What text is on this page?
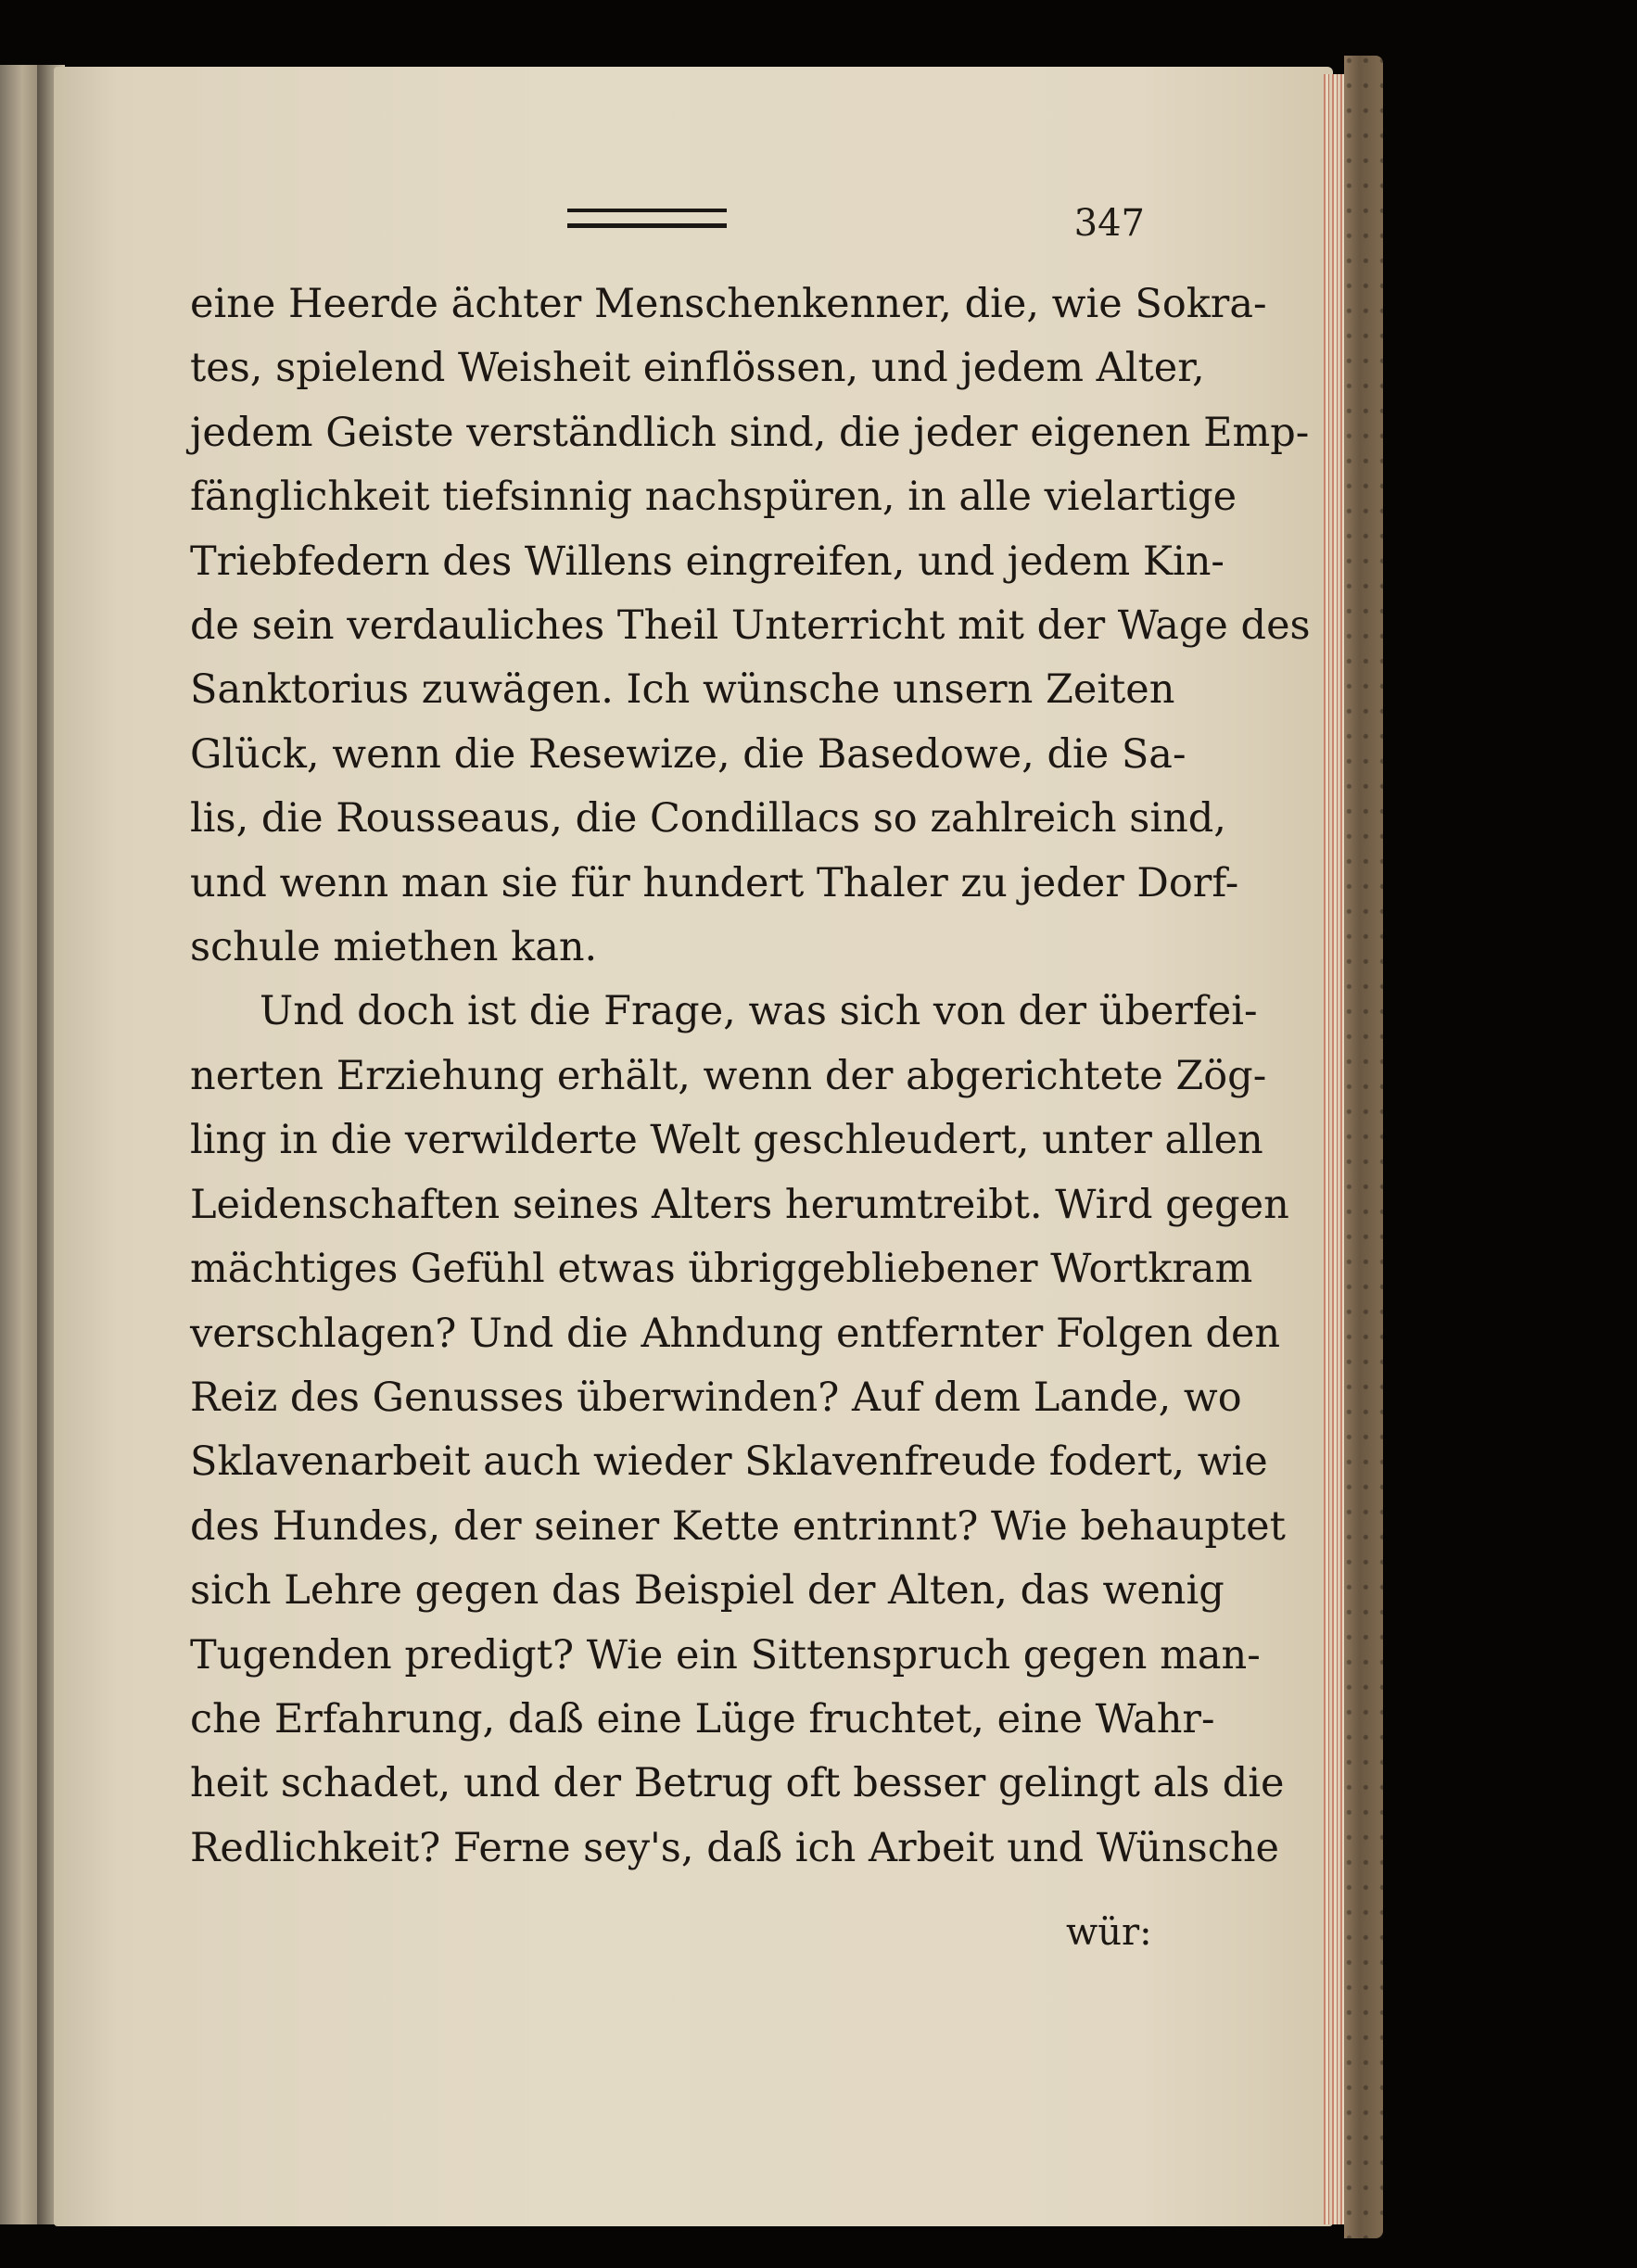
347
eine Heerde ächter Menschenkenner, die, wie Sokra-
tes, spielend Weisheit einflössen, und jedem Alter,
jedem Geiste verständlich sind, die jeder eigenen Emp-
fänglichkeit tiefsinnig nachspüren, in alle vielartige
Triebfedern des Willens eingreifen, und jedem Kin-
de sein verdauliches Theil Unterricht mit der Wage des
Sanktorius zuwägen. Ich wünsche unsern Zeiten
Glück, wenn die Resewize, die Basedowe, die Sa-
lis, die Rousseaus, die Condillacs so zahlreich sind,
und wenn man sie für hundert Thaler zu jeder Dorf-
schule miethen kan.
Und doch ist die Frage, was sich von der überfei-
nerten Erziehung erhält, wenn der abgerichtete Zög-
ling in die verwilderte Welt geschleudert, unter allen
Leidenschaften seines Alters herumtreibt. Wird gegen
mächtiges Gefühl etwas übriggebliebener Wortkram
verschlagen? Und die Ahndung entfernter Folgen den
Reiz des Genusses überwinden? Auf dem Lande, wo
Sklavenarbeit auch wieder Sklavenfreude fodert, wie
des Hundes, der seiner Kette entrinnt? Wie behauptet
sich Lehre gegen das Beispiel der Alten, das wenig
Tugenden predigt? Wie ein Sittenspruch gegen man-
che Erfahrung, daß eine Lüge fruchtet, eine Wahr-
heit schadet, und der Betrug oft besser gelingt als die
Redlichkeit? Ferne sey's, daß ich Arbeit und Wünsche
wür:
